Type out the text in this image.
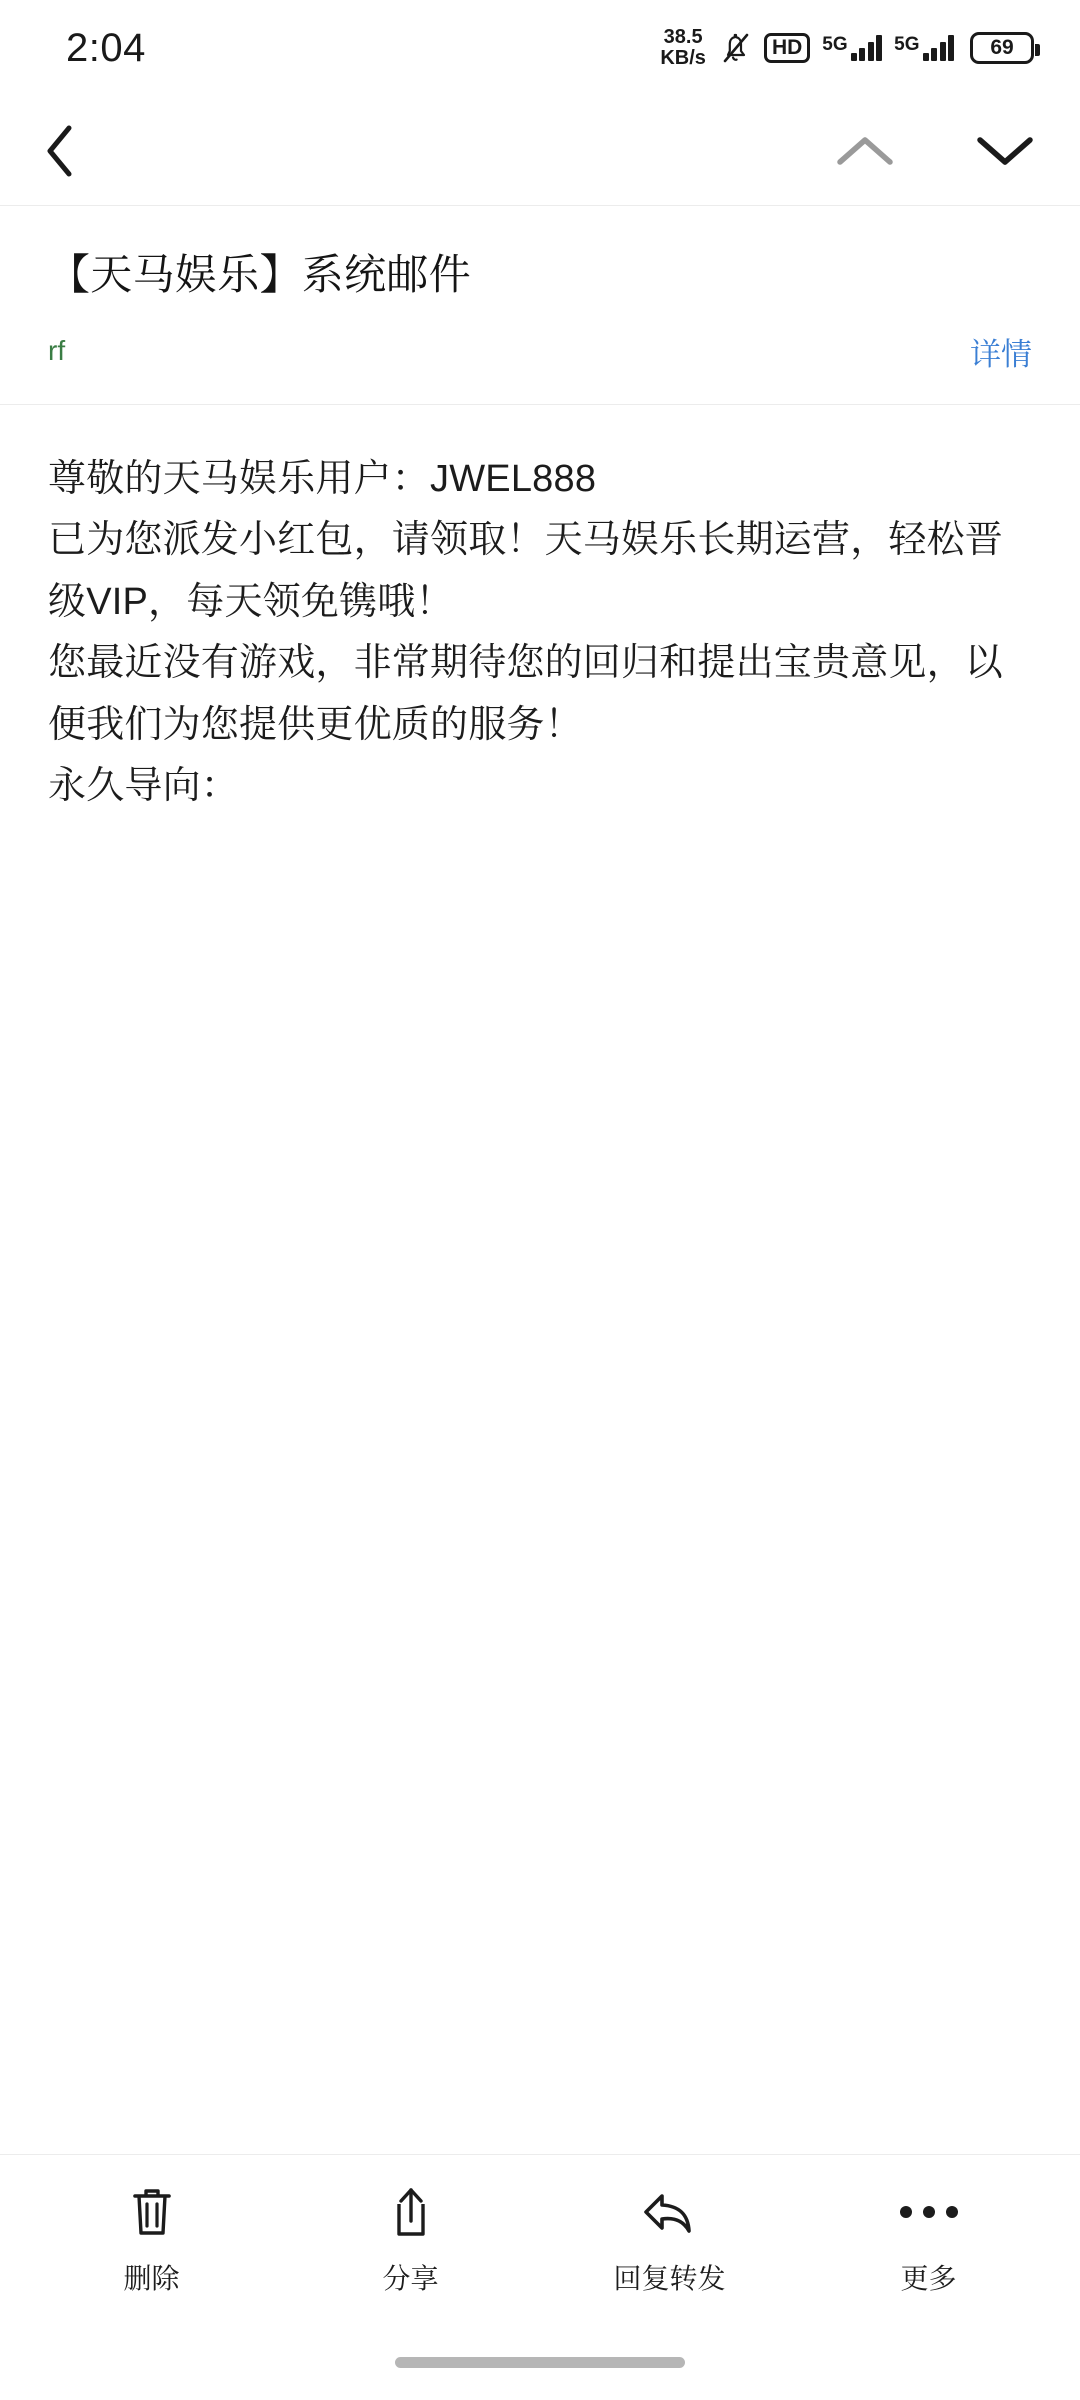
2:04	38.5
KB/s	HD	5G 5G	69
【天马娱乐】系统邮件
rf	详情

尊敬的天马娱乐用户：JWEL888

已为您派发小红包，请领取！天马娱乐长期运营，轻松晋级VIP，每天领免镌哦！

您最近没有游戏，非常期待您的回归和提出宝贵意见，以便我们为您提供更优质的服务！

永久导向：

删除	分享	回复转发	更多
